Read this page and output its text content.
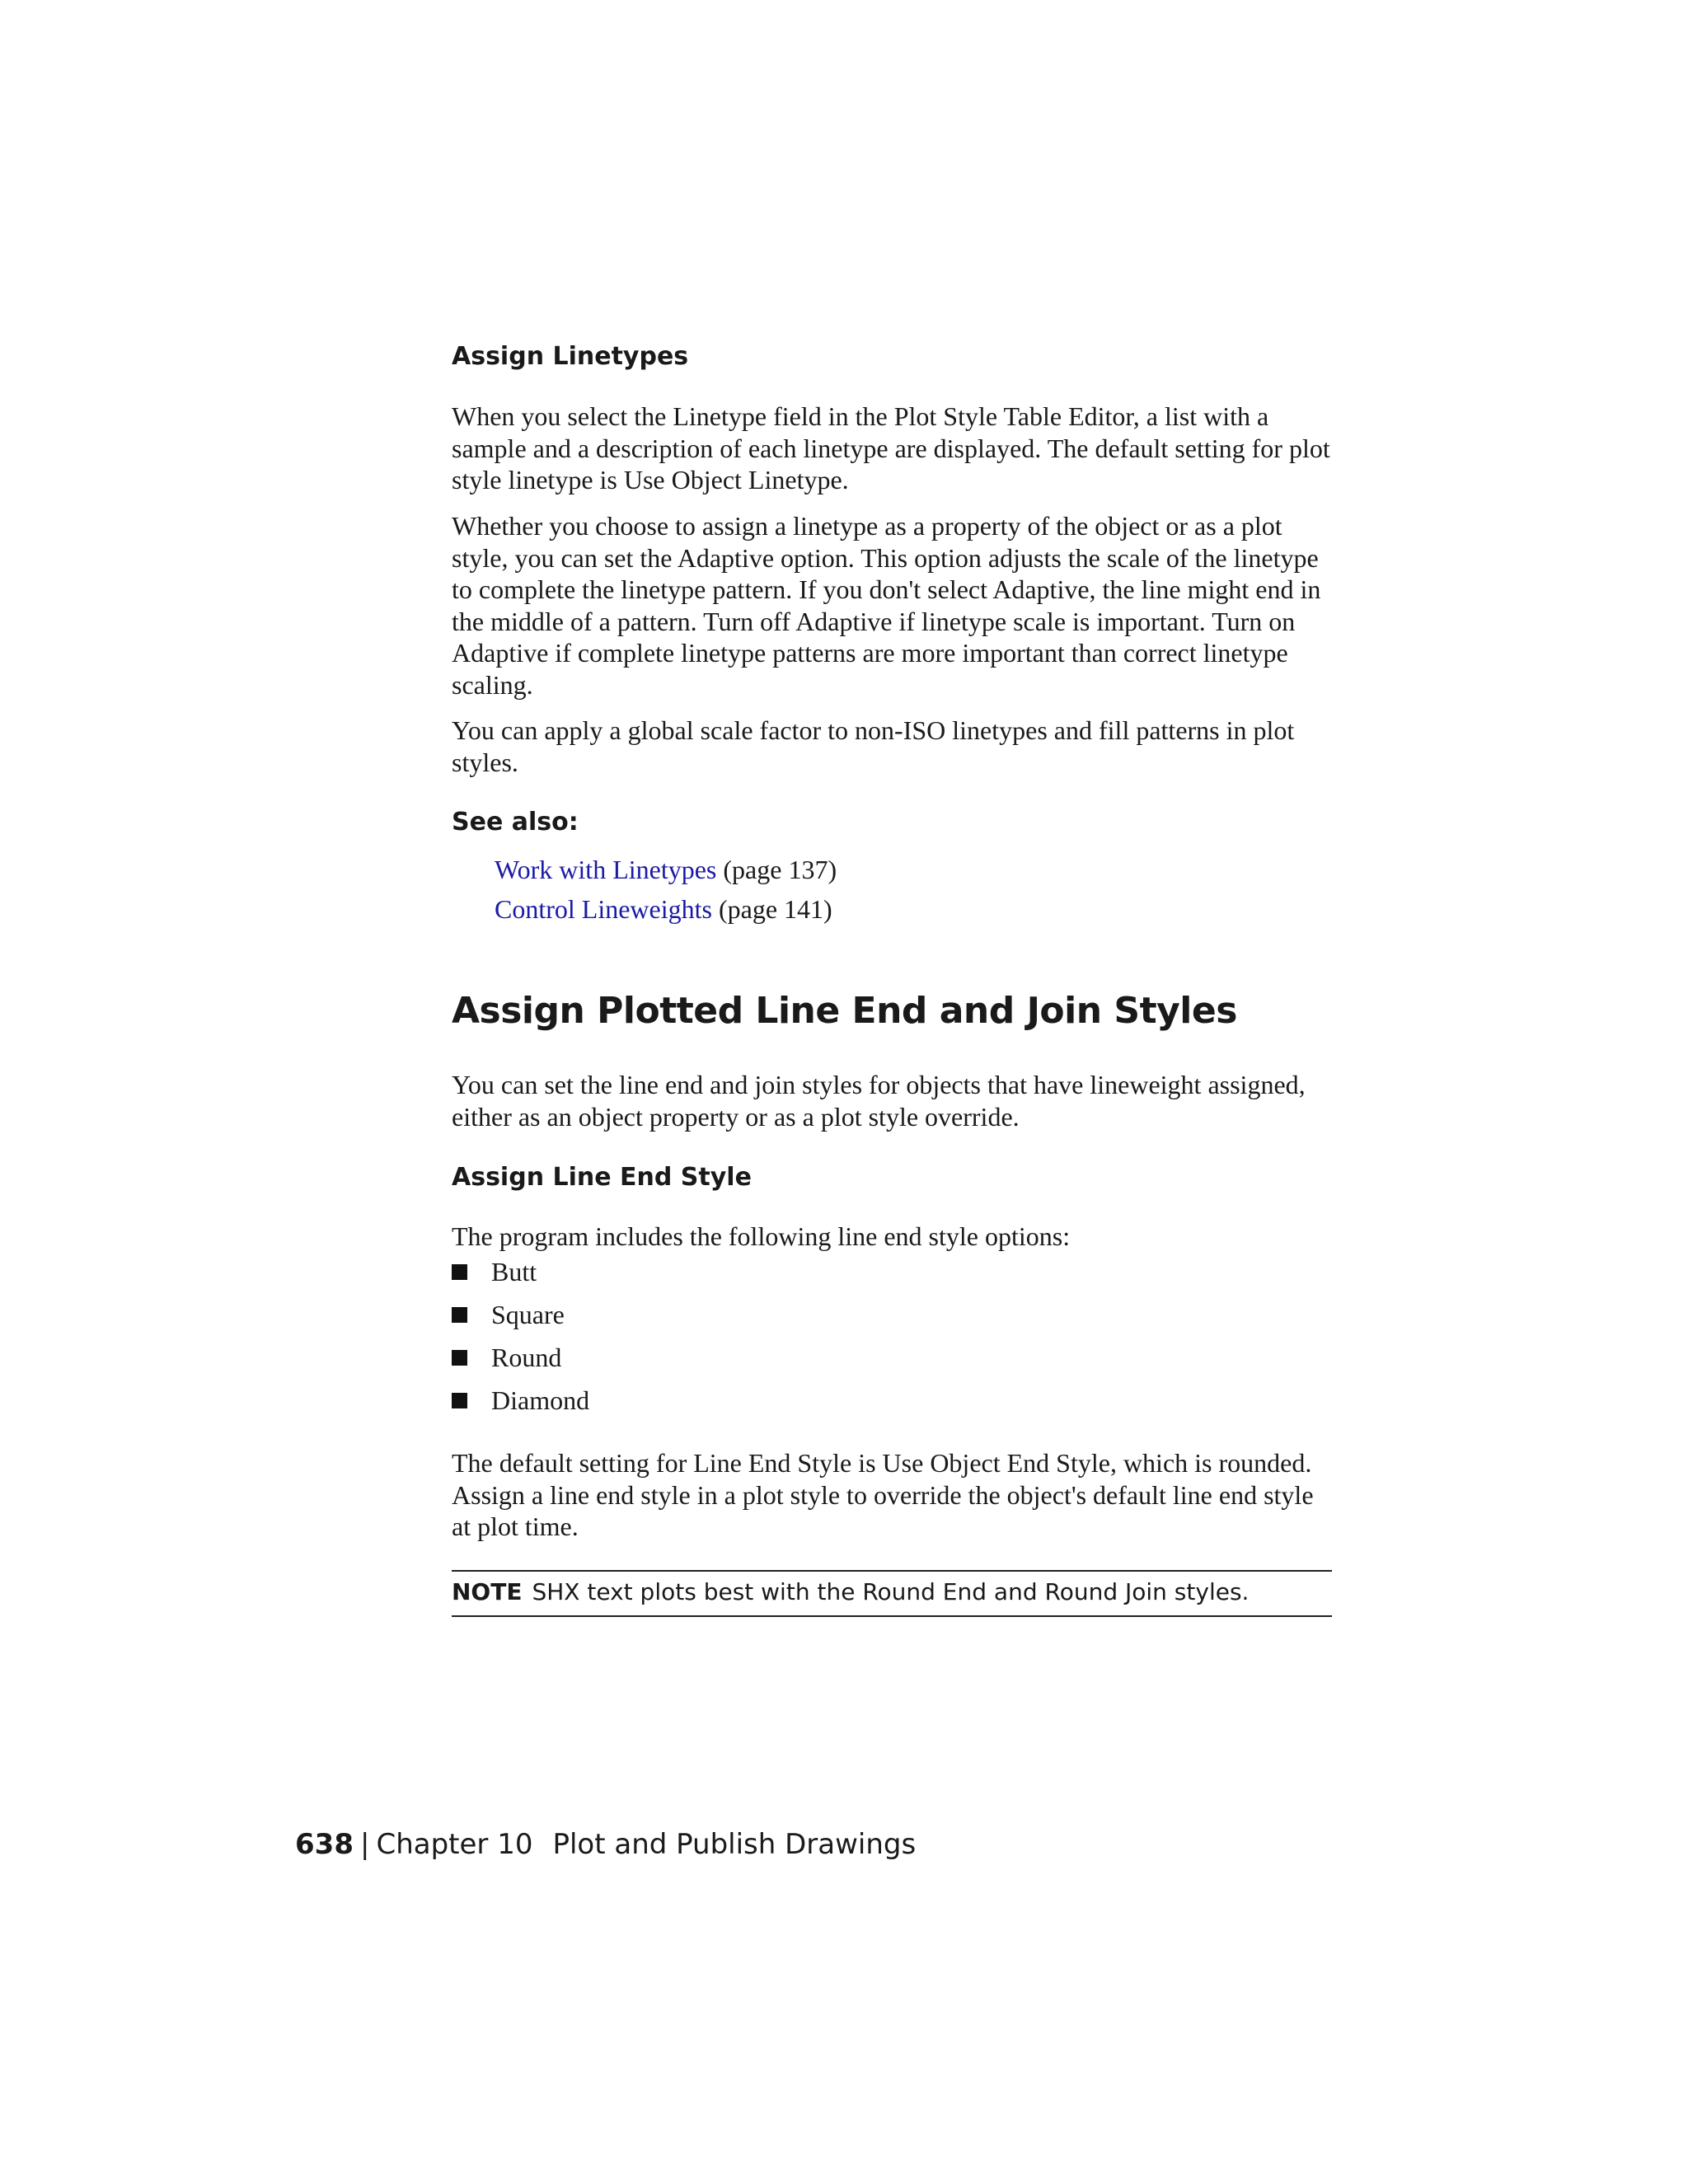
Assign Linetypes

When you select the Linetype field in the Plot Style Table Editor, a list with a sample and a description of each linetype are displayed. The default setting for plot style linetype is Use Object Linetype.

Whether you choose to assign a linetype as a property of the object or as a plot style, you can set the Adaptive option. This option adjusts the scale of the linetype to complete the linetype pattern. If you don't select Adaptive, the line might end in the middle of a pattern. Turn off Adaptive if linetype scale is important. Turn on Adaptive if complete linetype patterns are more important than correct linetype scaling.

You can apply a global scale factor to non-ISO linetypes and fill patterns in plot styles.

See also:
Work with Linetypes (page 137)
Control Lineweights (page 141)
Assign Plotted Line End and Join Styles

You can set the line end and join styles for objects that have lineweight assigned, either as an object property or as a plot style override.

Assign Line End Style

The program includes the following line end style options:

Butt
Square
Round
Diamond

The default setting for Line End Style is Use Object End Style, which is rounded. Assign a line end style in a plot style to override the object's default line end style at plot time.

NOTE SHX text plots best with the Round End and Round Join styles.
638 | Chapter 10 Plot and Publish Drawings
